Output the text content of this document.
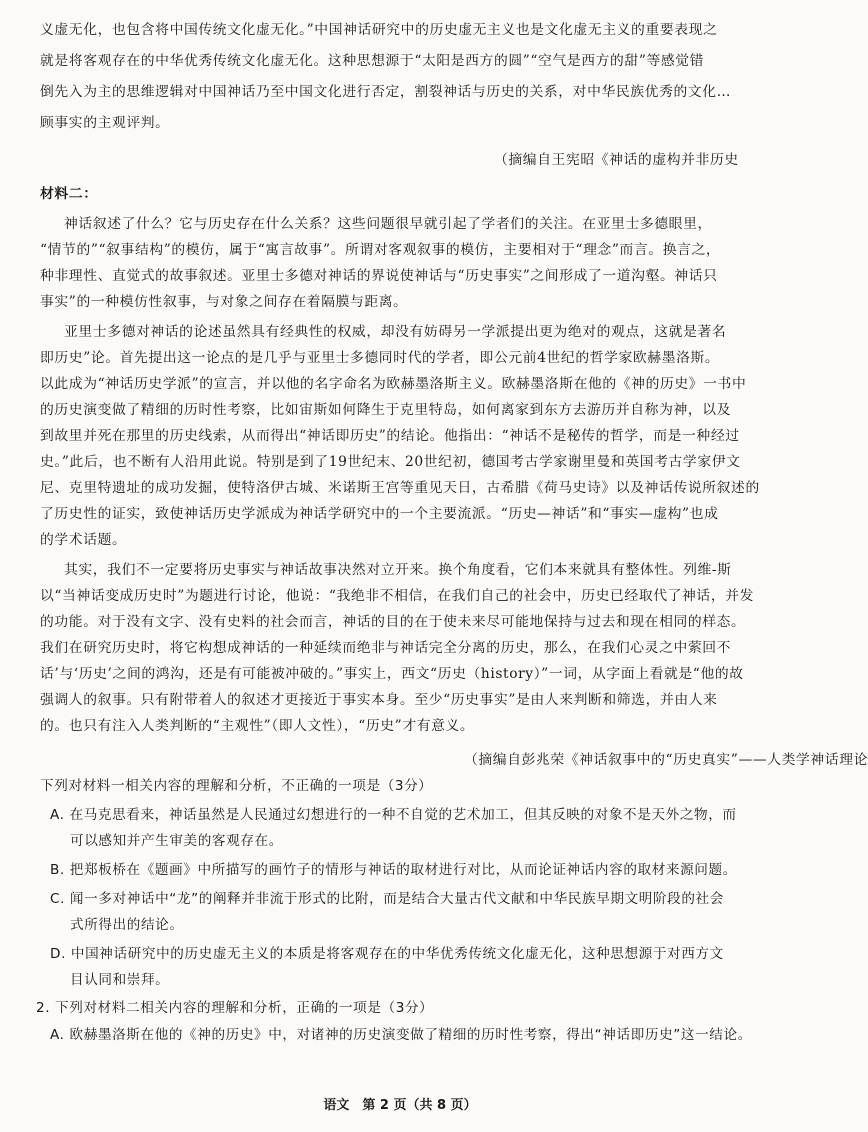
义虚无化，也包含将中国传统文化虚无化。”中国神话研究中的历史虚无主义也是文化虚无主义的重要表现之
就是将客观存在的中华优秀传统文化虚无化。这种思想源于“太阳是西方的圆”“空气是西方的甜”等感觉错
倒先入为主的思维逻辑对中国神话乃至中国文化进行否定，割裂神话与历史的关系，对中华民族优秀的文化…
顾事实的主观评判。
（摘编自王宪昭《神话的虚构并非历史
材料二：
神话叙述了什么？它与历史存在什么关系？这些问题很早就引起了学者们的关注。在亚里士多德眼里，
“情节的”“叙事结构”的模仿，属于“寓言故事”。所谓对客观叙事的模仿，主要相对于“理念”而言。换言之，
种非理性、直觉式的故事叙述。亚里士多德对神话的界说使神话与“历史事实”之间形成了一道沟壑。神话只
事实”的一种模仿性叙事，与对象之间存在着隔膜与距离。
亚里士多德对神话的论述虽然具有经典性的权威，却没有妨碍另一学派提出更为绝对的观点，这就是著名
即历史”论。首先提出这一论点的是几乎与亚里士多德同时代的学者，即公元前4世纪的哲学家欧赫墨洛斯。
以此成为“神话历史学派”的宣言，并以他的名字命名为欧赫墨洛斯主义。欧赫墨洛斯在他的《神的历史》一书中
的历史演变做了精细的历时性考察，比如宙斯如何降生于克里特岛，如何离家到东方去游历并自称为神，以及
到故里并死在那里的历史线索，从而得出“神话即历史”的结论。他指出：“神话不是秘传的哲学，而是一种经过
史。”此后，也不断有人沿用此说。特别是到了19世纪末、20世纪初，德国考古学家谢里曼和英国考古学家伊文
尼、克里特遗址的成功发掘，使特洛伊古城、米诺斯王宫等重见天日，古希腊《荷马史诗》以及神话传说所叙述的
了历史性的证实，致使神话历史学派成为神话学研究中的一个主要流派。“历史—神话”和“事实—虚构”也成
的学术话题。
其实，我们不一定要将历史事实与神话故事决然对立开来。换个角度看，它们本来就具有整体性。列维-斯
以“当神话变成历史时”为题进行讨论，他说：“我绝非不相信，在我们自己的社会中，历史已经取代了神话，并发
的功能。对于没有文字、没有史料的社会而言，神话的目的在于使未来尽可能地保持与过去和现在相同的样态。
我们在研究历史时，将它构想成神话的一种延续而绝非与神话完全分离的历史，那么，在我们心灵之中萦回不
话’与‘历史’之间的鸿沟，还是有可能被冲破的。”事实上，西文“历史（history）”一词，从字面上看就是“他的故
强调人的叙事。只有附带着人的叙述才更接近于事实本身。至少“历史事实”是由人来判断和筛选，并由人来
的。也只有注入人类判断的“主观性”（即人文性），“历史”才有意义。
（摘编自彭兆荣《神话叙事中的“历史真实”——人类学神话理论
下列对材料一相关内容的理解和分析，不正确的一项是（3分）
A. 在马克思看来，神话虽然是人民通过幻想进行的一种不自觉的艺术加工，但其反映的对象不是天外之物，而
可以感知并产生审美的客观存在。
B. 把郑板桥在《题画》中所描写的画竹子的情形与神话的取材进行对比，从而论证神话内容的取材来源问题。
C. 闻一多对神话中“龙”的阐释并非流于形式的比附，而是结合大量古代文献和中华民族早期文明阶段的社会
式所得出的结论。
D. 中国神话研究中的历史虚无主义的本质是将客观存在的中华优秀传统文化虚无化，这种思想源于对西方文
目认同和崇拜。
2. 下列对材料二相关内容的理解和分析，正确的一项是（3分）
A. 欧赫墨洛斯在他的《神的历史》中，对诸神的历史演变做了精细的历时性考察，得出“神话即历史”这一结论。
语文　第 2 页（共 8 页）
